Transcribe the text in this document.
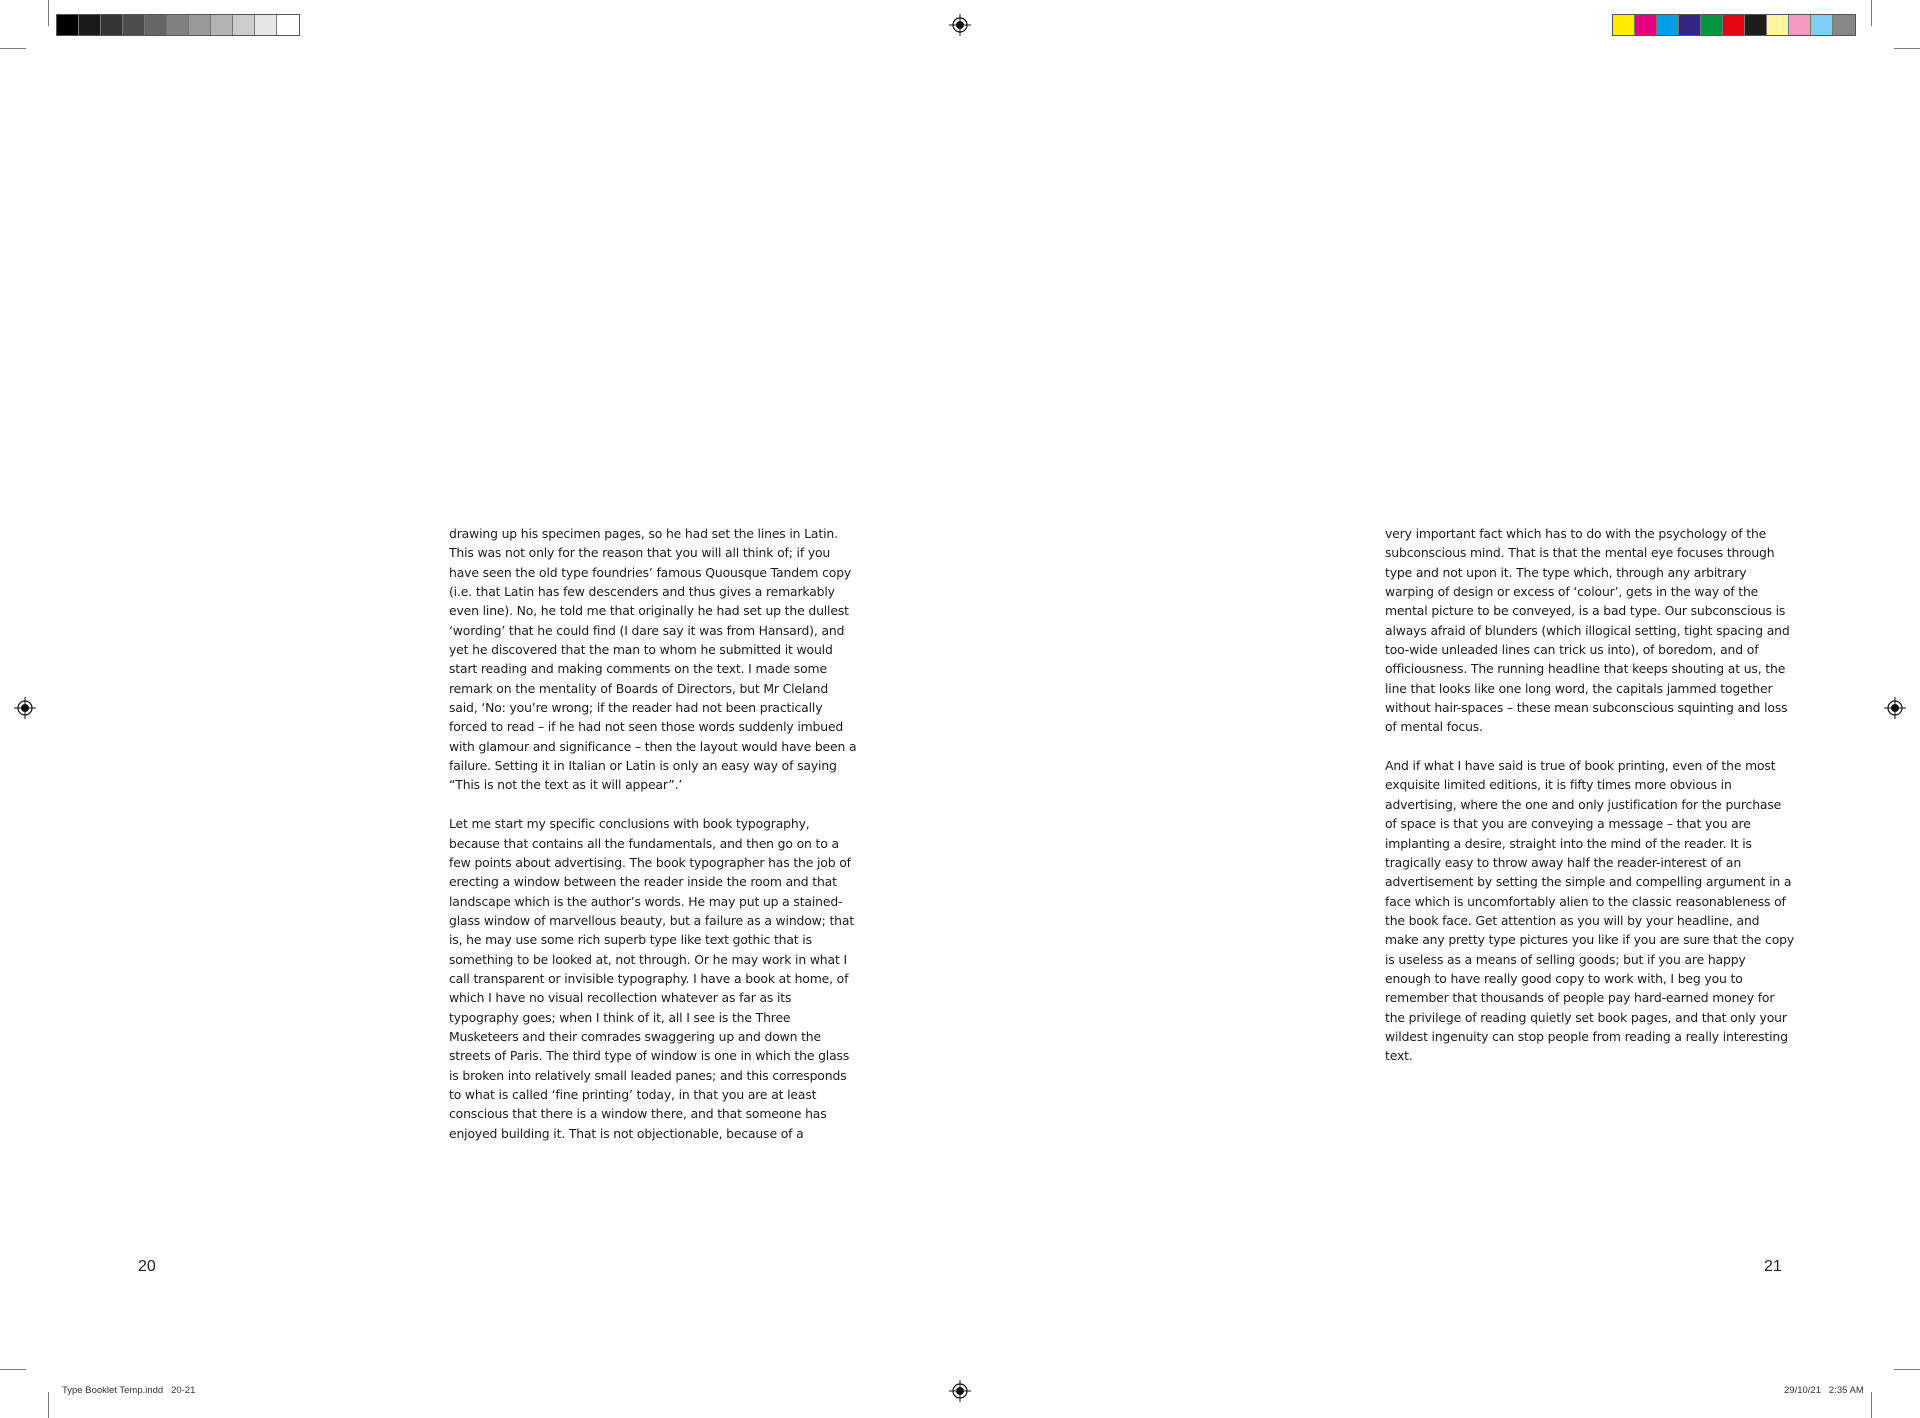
drawing up his specimen pages, so he had set the lines in Latin. This was not only for the reason that you will all think of; if you have seen the old type foundries’ famous Quousque Tandem copy (i.e. that Latin has few descenders and thus gives a remarkably even line). No, he told me that originally he had set up the dullest ‘wording’ that he could find (I dare say it was from Hansard), and yet he discovered that the man to whom he submitted it would start reading and making comments on the text. I made some remark on the mentality of Boards of Directors, but Mr Cleland said, ‘No: you’re wrong; if the reader had not been practically forced to read – if he had not seen those words suddenly imbued with glamour and significance – then the layout would have been a failure. Setting it in Italian or Latin is only an easy way of saying “This is not the text as it will appear”.’

Let me start my specific conclusions with book typography, because that contains all the fundamentals, and then go on to a few points about advertising. The book typographer has the job of erecting a window between the reader inside the room and that landscape which is the author’s words. He may put up a stained-glass window of marvellous beauty, but a failure as a window; that is, he may use some rich superb type like text gothic that is something to be looked at, not through. Or he may work in what I call transparent or invisible typography. I have a book at home, of which I have no visual recollection whatever as far as its typography goes; when I think of it, all I see is the Three Musketeers and their comrades swaggering up and down the streets of Paris. The third type of window is one in which the glass is broken into relatively small leaded panes; and this corresponds to what is called ‘fine printing’ today, in that you are at least conscious that there is a window there, and that someone has enjoyed building it. That is not objectionable, because of a

very important fact which has to do with the psychology of the subconscious mind. That is that the mental eye focuses through type and not upon it. The type which, through any arbitrary warping of design or excess of ‘colour’, gets in the way of the mental picture to be conveyed, is a bad type. Our subconscious is always afraid of blunders (which illogical setting, tight spacing and too-wide unleaded lines can trick us into), of boredom, and of officiousness. The running headline that keeps shouting at us, the line that looks like one long word, the capitals jammed together without hair-spaces – these mean subconscious squinting and loss of mental focus.

And if what I have said is true of book printing, even of the most exquisite limited editions, it is fifty times more obvious in advertising, where the one and only justification for the purchase of space is that you are conveying a message – that you are implanting a desire, straight into the mind of the reader. It is tragically easy to throw away half the reader-interest of an advertisement by setting the simple and compelling argument in a face which is uncomfortably alien to the classic reasonableness of the book face. Get attention as you will by your headline, and make any pretty type pictures you like if you are sure that the copy is useless as a means of selling goods; but if you are happy enough to have really good copy to work with, I beg you to remember that thousands of people pay hard-earned money for the privilege of reading quietly set book pages, and that only your wildest ingenuity can stop people from reading a really interesting text.

20	21
Type Booklet Temp.indd   20-21	29/10/21   2:35 AM
